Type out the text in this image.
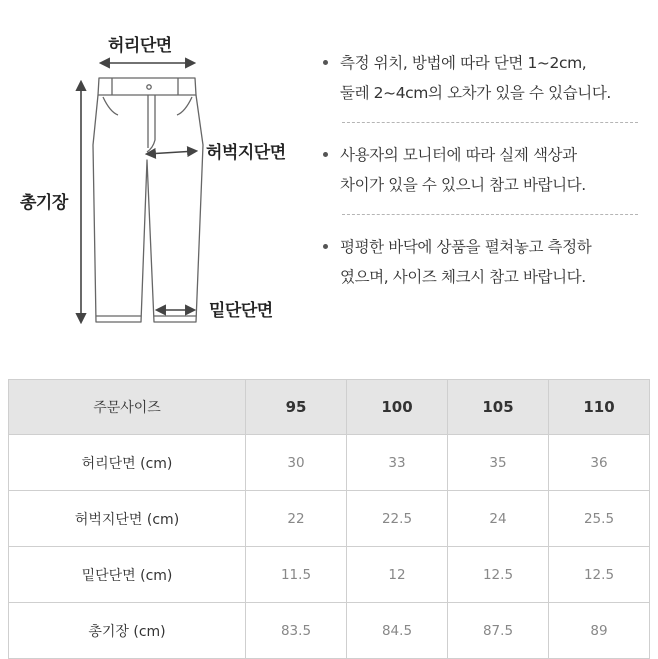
허리단면
허벅지단면
총기장
밑단단면
측정 위치, 방법에 따라 단면 1~2cm,
둘레 2~4cm의 오차가 있을 수 있습니다.
사용자의 모니터에 따라 실제 색상과
차이가 있을 수 있으니 참고 바랍니다.
평평한 바닥에 상품을 펼쳐놓고 측정하
였으며, 사이즈 체크시 참고 바랍니다.
주문사이즈	95	100	105	110
허리단면 (cm)	30	33	35	36
허벅지단면 (cm)	22	22.5	24	25.5
밑단단면 (cm)	11.5	12	12.5	12.5
총기장 (cm)	83.5	84.5	87.5	89
